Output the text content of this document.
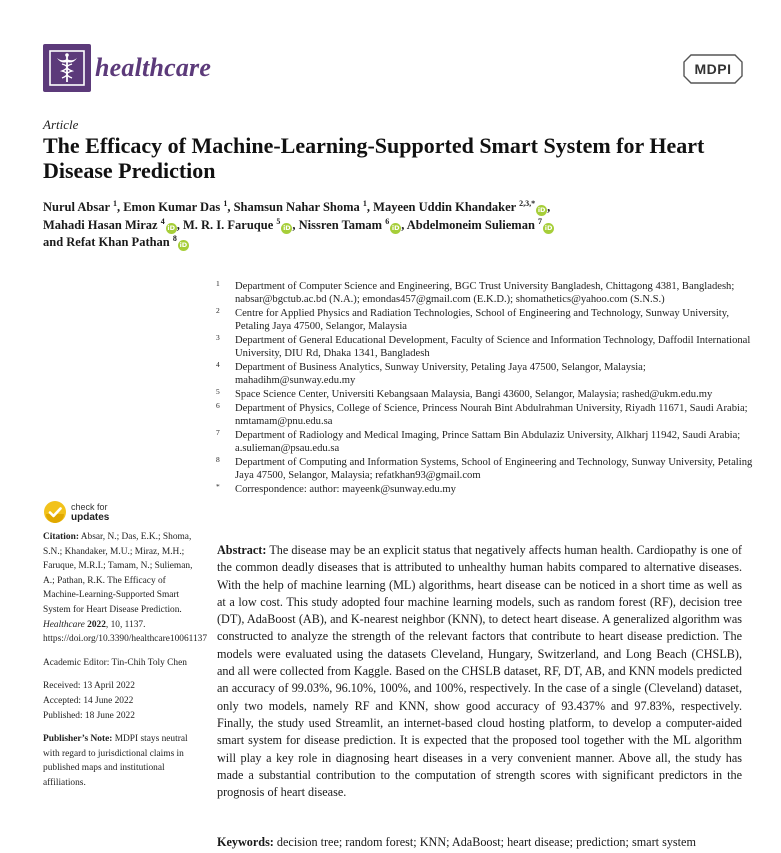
healthcare	MDPI
Article
The Efficacy of Machine-Learning-Supported Smart System for Heart Disease Prediction
Nurul Absar $^1$, Emon Kumar Das $^1$, Shamsun Nahar Shoma $^1$, Mayeen Uddin Khandaker $^{2,3,*}$iD ,
Mahadi Hasan Miraz $^4$iD , M. R. I. Faruque $^5$iD , Nissren Tamam $^6$iD , Abdelmoneim Sulieman $^7$iD
and Refat Khan Pathan $^8$iD
1 Department of Computer Science and Engineering, BGC Trust University Bangladesh, Chittagong 4381, Bangladesh; nabsar@bgctub.ac.bd (N.A.); emondas457@gmail.com (E.K.D.); shomathetics@yahoo.com (S.N.S.)
2 Centre for Applied Physics and Radiation Technologies, School of Engineering and Technology, Sunway University, Petaling Jaya 47500, Selangor, Malaysia
3 Department of General Educational Development, Faculty of Science and Information Technology, Daffodil International University, DIU Rd, Dhaka 1341, Bangladesh
4 Department of Business Analytics, Sunway University, Petaling Jaya 47500, Selangor, Malaysia; mahadihm@sunway.edu.my
5 Space Science Center, Universiti Kebangsaan Malaysia, Bangi 43600, Selangor, Malaysia; rashed@ukm.edu.my
6 Department of Physics, College of Science, Princess Nourah Bint Abdulrahman University, Riyadh 11671, Saudi Arabia; nmtamam@pnu.edu.sa
7 Department of Radiology and Medical Imaging, Prince Sattam Bin Abdulaziz University, Alkharj 11942, Saudi Arabia; a.sulieman@psau.edu.sa
8 Department of Computing and Information Systems, School of Engineering and Technology, Sunway University, Petaling Jaya 47500, Selangor, Malaysia; refatkhan93@gmail.com
* Correspondence: author: mayeenk@sunway.edu.my
check for
updates

Citation: Absar, N.; Das, E.K.; Shoma, S.N.; Khandaker, M.U.; Miraz, M.H.; Faruque, M.R.I.; Tamam, N.; Sulieman, A.; Pathan, R.K. The Efficacy of Machine-Learning-Supported Smart System for Heart Disease Prediction. Healthcare 2022, 10, 1137. https://doi.org/10.3390/healthcare10061137

Academic Editor: Tin-Chih Toly Chen

Received: 13 April 2022
Accepted: 14 June 2022
Published: 18 June 2022

Publisher’s Note: MDPI stays neutral with regard to jurisdictional claims in published maps and institutional affiliations.

Abstract: The disease may be an explicit status that negatively affects human health. Cardiopathy is one of the common deadly diseases that is attributed to unhealthy human habits compared to alternative diseases. With the help of machine learning (ML) algorithms, heart disease can be noticed in a short time as well as at a low cost. This study adopted four machine learning models, such as random forest (RF), decision tree (DT), AdaBoost (AB), and K-nearest neighbor (KNN), to detect heart disease. A generalized algorithm was constructed to analyze the strength of the relevant factors that contribute to heart disease prediction. The models were evaluated using the datasets Cleveland, Hungary, Switzerland, and Long Beach (CHSLB), and all were collected from Kaggle. Based on the CHSLB dataset, RF, DT, AB, and KNN models predicted an accuracy of 99.03%, 96.10%, 100%, and 100%, respectively. In the case of a single (Cleveland) dataset, only two models, namely RF and KNN, show good accuracy of 93.437% and 97.83%, respectively. Finally, the study used Streamlit, an internet-based cloud hosting platform, to develop a computer-aided smart system for disease prediction. It is expected that the proposed tool together with the ML algorithm will play a key role in diagnosing heart diseases in a very convenient manner. Above all, the study has made a substantial contribution to the computation of strength scores with significant predictors in the prognosis of heart disease.
Keywords: decision tree; random forest; KNN; AdaBoost; heart disease; prediction; smart system
